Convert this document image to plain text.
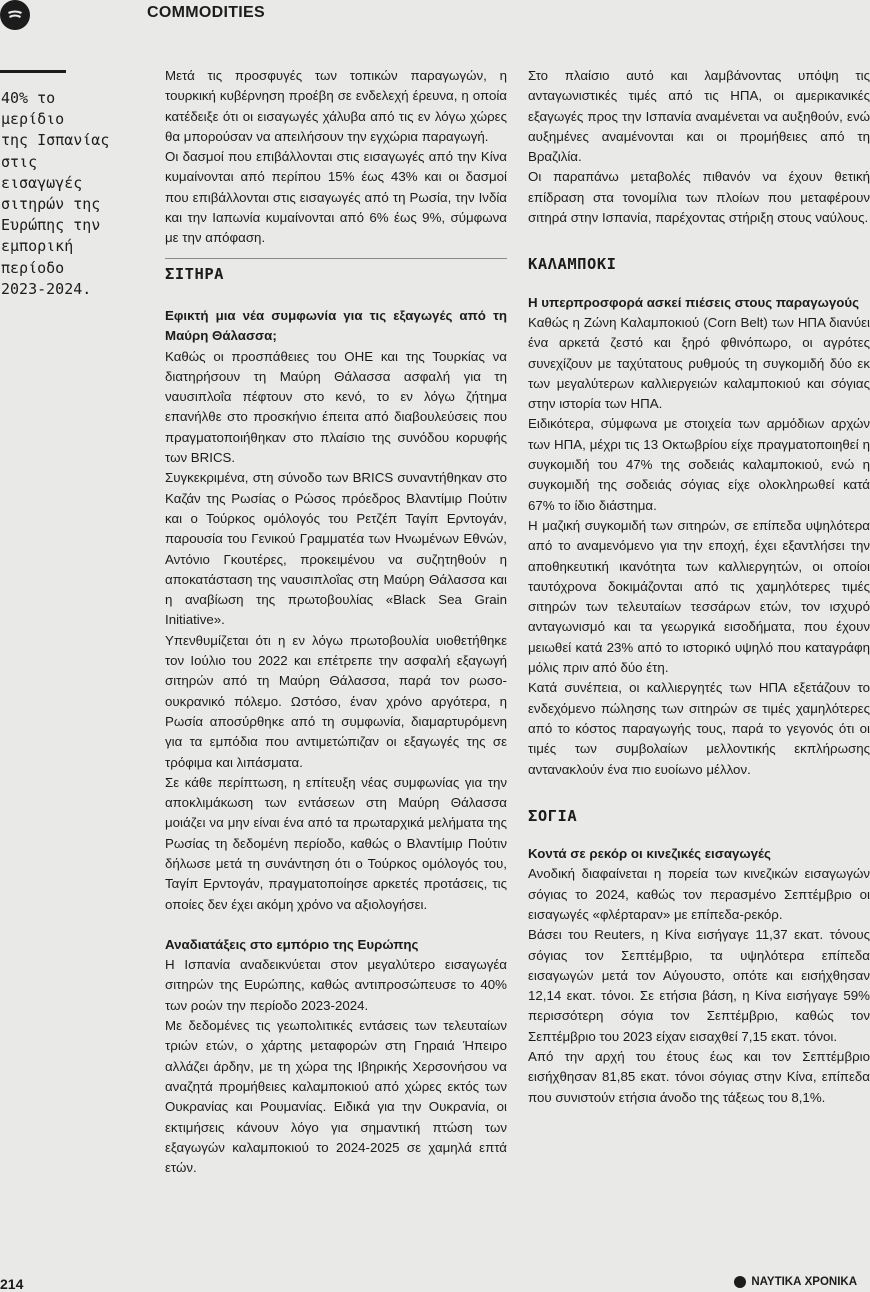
COMMODITIES
40% το
μερίδιο
της Ισπανίας
στις
εισαγωγές
σιτηρών της
Ευρώπης την
εμπορική
περίοδο
2023-2024.

Μετά τις προσφυγές των τοπικών παραγωγών, η τουρκική κυβέρνηση προέβη σε ενδελεχή έρευνα, η οποία κατέδειξε ότι οι εισαγωγές χάλυβα από τις εν λόγω χώρες θα μπορούσαν να απειλήσουν την εγχώρια παραγωγή.

Οι δασμοί που επιβάλλονται στις εισαγωγές από την Κίνα κυμαίνονται από περίπου 15% έως 43% και οι δασμοί που επιβάλλονται στις εισαγωγές από τη Ρωσία, την Ινδία και την Ιαπωνία κυμαίνονται από 6% έως 9%, σύμφωνα με την απόφαση.

ΣΙΤΗΡΑ

Εφικτή μια νέα συμφωνία για τις εξαγωγές από τη Μαύρη Θάλασσα;

Καθώς οι προσπάθειες του ΟΗΕ και της Τουρκίας να διατηρήσουν τη Μαύρη Θάλασσα ασφαλή για τη ναυσιπλοΐα πέφτουν στο κενό, το εν λόγω ζήτημα επανήλθε στο προσκήνιο έπειτα από διαβουλεύσεις που πραγματοποιήθηκαν στο πλαίσιο της συνόδου κορυφής των BRICS.

Συγκεκριμένα, στη σύνοδο των BRICS συναντήθηκαν στο Καζάν της Ρωσίας ο Ρώσος πρόεδρος Βλαντίμιρ Πούτιν και ο Τούρκος ομόλογός του Ρετζέπ Ταγίπ Ερντογάν, παρουσία του Γενικού Γραμματέα των Ηνωμένων Εθνών, Αντόνιο Γκουτέρες, προκειμένου να συζητηθούν η αποκατάσταση της ναυσιπλοΐας στη Μαύρη Θάλασσα και η αναβίωση της πρωτοβουλίας «Black Sea Grain Initiative».

Υπενθυμίζεται ότι η εν λόγω πρωτοβουλία υιοθετήθηκε τον Ιούλιο του 2022 και επέτρεπε την ασφαλή εξαγωγή σιτηρών από τη Μαύρη Θάλασσα, παρά τον ρωσο-ουκρανικό πόλεμο. Ωστόσο, έναν χρόνο αργότερα, η Ρωσία αποσύρθηκε από τη συμφωνία, διαμαρτυρόμενη για τα εμπόδια που αντιμετώπιζαν οι εξαγωγές της σε τρόφιμα και λιπάσματα.

Σε κάθε περίπτωση, η επίτευξη νέας συμφωνίας για την αποκλιμάκωση των εντάσεων στη Μαύρη Θάλασσα μοιάζει να μην είναι ένα από τα πρωταρχικά μελήματα της Ρωσίας τη δεδομένη περίοδο, καθώς ο Βλαντίμιρ Πούτιν δήλωσε μετά τη συνάντηση ότι ο Τούρκος ομόλογός του, Ταγίπ Ερντογάν, πραγματοποίησε αρκετές προτάσεις, τις οποίες δεν έχει ακόμη χρόνο να αξιολογήσει.

Αναδιατάξεις στο εμπόριο της Ευρώπης

Η Ισπανία αναδεικνύεται στον μεγαλύτερο εισαγωγέα σιτηρών της Ευρώπης, καθώς αντιπροσώπευσε το 40% των ροών την περίοδο 2023-2024.

Με δεδομένες τις γεωπολιτικές εντάσεις των τελευταίων τριών ετών, ο χάρτης μεταφορών στη Γηραιά Ήπειρο αλλάζει άρδην, με τη χώρα της Ιβηρικής Χερσονήσου να αναζητά προμήθειες καλαμποκιού από χώρες εκτός των Ουκρανίας και Ρουμανίας. Ειδικά για την Ουκρανία, οι εκτιμήσεις κάνουν λόγο για σημαντική πτώση των εξαγωγών καλαμποκιού το 2024-2025 σε χαμηλά επτά ετών.

Στο πλαίσιο αυτό και λαμβάνοντας υπόψη τις ανταγωνιστικές τιμές από τις ΗΠΑ, οι αμερικανικές εξαγωγές προς την Ισπανία αναμένεται να αυξηθούν, ενώ αυξημένες αναμένονται και οι προμήθειες από τη Βραζιλία.

Οι παραπάνω μεταβολές πιθανόν να έχουν θετική επίδραση στα τονομίλια των πλοίων που μεταφέρουν σιτηρά στην Ισπανία, παρέχοντας στήριξη στους ναύλους.

ΚΑΛΑΜΠΟΚΙ

Η υπερπροσφορά ασκεί πιέσεις στους παραγωγούς

Καθώς η Ζώνη Καλαμποκιού (Corn Belt) των ΗΠΑ διανύει ένα αρκετά ζεστό και ξηρό φθινόπωρο, οι αγρότες συνεχίζουν με ταχύτατους ρυθμούς τη συγκομιδή δύο εκ των μεγαλύτερων καλλιεργειών καλαμποκιού και σόγιας στην ιστορία των ΗΠΑ.

Ειδικότερα, σύμφωνα με στοιχεία των αρμόδιων αρχών των ΗΠΑ, μέχρι τις 13 Οκτωβρίου είχε πραγματοποιηθεί η συγκομιδή του 47% της σοδειάς καλαμποκιού, ενώ η συγκομιδή της σοδειάς σόγιας είχε ολοκληρωθεί κατά 67% το ίδιο διάστημα.

Η μαζική συγκομιδή των σιτηρών, σε επίπεδα υψηλότερα από το αναμενόμενο για την εποχή, έχει εξαντλήσει την αποθηκευτική ικανότητα των καλλιεργητών, οι οποίοι ταυτόχρονα δοκιμάζονται από τις χαμηλότερες τιμές σιτηρών των τελευταίων τεσσάρων ετών, τον ισχυρό ανταγωνισμό και τα γεωργικά εισοδήματα, που έχουν μειωθεί κατά 23% από το ιστορικό υψηλό που καταγράφη μόλις πριν από δύο έτη.

Κατά συνέπεια, οι καλλιεργητές των ΗΠΑ εξετάζουν το ενδεχόμενο πώλησης των σιτηρών σε τιμές χαμηλότερες από το κόστος παραγωγής τους, παρά το γεγονός ότι οι τιμές των συμβολαίων μελλοντικής εκπλήρωσης αντανακλούν ένα πιο ευοίωνο μέλλον.

ΣΟΓΙΑ

Κοντά σε ρεκόρ οι κινεζικές εισαγωγές

Ανοδική διαφαίνεται η πορεία των κινεζικών εισαγωγών σόγιας το 2024, καθώς τον περασμένο Σεπτέμβριο οι εισαγωγές «φλέρταραν» με επίπεδα-ρεκόρ.

Βάσει του Reuters, η Κίνα εισήγαγε 11,37 εκατ. τόνους σόγιας τον Σεπτέμβριο, τα υψηλότερα επίπεδα εισαγωγών μετά τον Αύγουστο, οπότε και εισήχθησαν 12,14 εκατ. τόνοι. Σε ετήσια βάση, η Κίνα εισήγαγε 59% περισσότερη σόγια τον Σεπτέμβριο, καθώς τον Σεπτέμβριο του 2023 είχαν εισαχθεί 7,15 εκατ. τόνοι.

Από την αρχή του έτους έως και τον Σεπτέμβριο εισήχθησαν 81,85 εκατ. τόνοι σόγιας στην Κίνα, επίπεδα που συνιστούν ετήσια άνοδο της τάξεως του 8,1%.

214	ΝΑΥΤΙΚΑ ΧΡΟΝΙΚΑ
